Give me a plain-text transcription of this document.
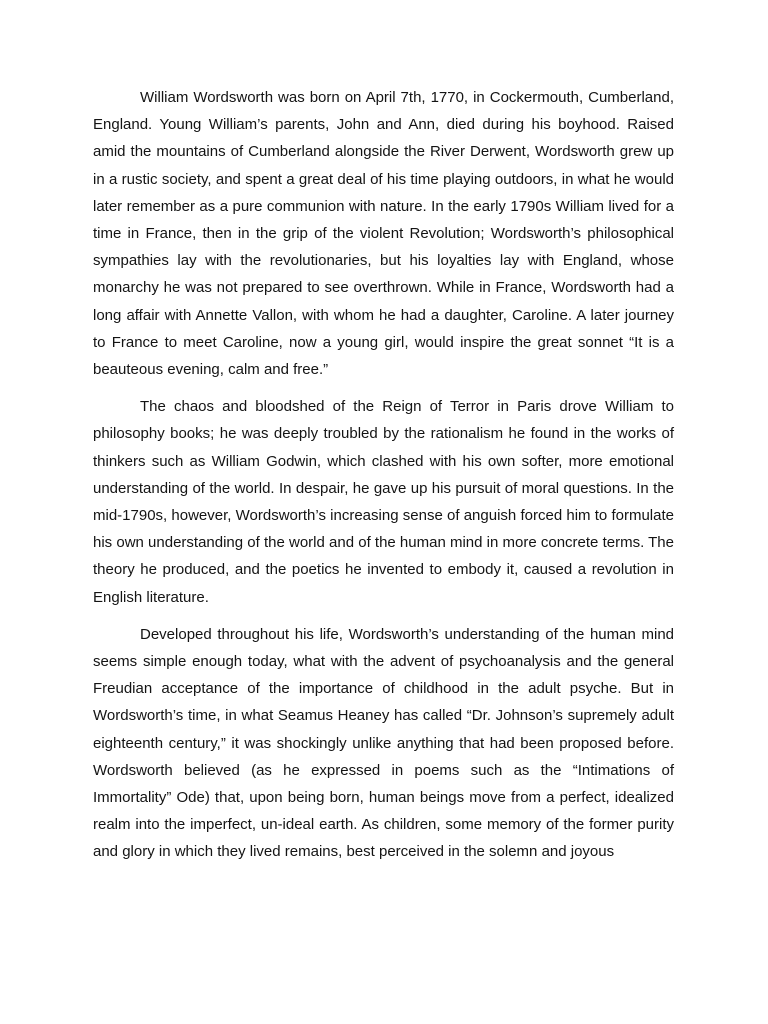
William Wordsworth was born on April 7th, 1770, in Cockermouth, Cumberland, England. Young William’s parents, John and Ann, died during his boyhood. Raised amid the mountains of Cumberland alongside the River Derwent, Wordsworth grew up in a rustic society, and spent a great deal of his time playing outdoors, in what he would later remember as a pure communion with nature. In the early 1790s William lived for a time in France, then in the grip of the violent Revolution; Wordsworth’s philosophical sympathies lay with the revolutionaries, but his loyalties lay with England, whose monarchy he was not prepared to see overthrown. While in France, Wordsworth had a long affair with Annette Vallon, with whom he had a daughter, Caroline. A later journey to France to meet Caroline, now a young girl, would inspire the great sonnet “It is a beauteous evening, calm and free.”

The chaos and bloodshed of the Reign of Terror in Paris drove William to philosophy books; he was deeply troubled by the rationalism he found in the works of thinkers such as William Godwin, which clashed with his own softer, more emotional understanding of the world. In despair, he gave up his pursuit of moral questions. In the mid-1790s, however, Wordsworth’s increasing sense of anguish forced him to formulate his own understanding of the world and of the human mind in more concrete terms. The theory he produced, and the poetics he invented to embody it, caused a revolution in English literature.

Developed throughout his life, Wordsworth’s understanding of the human mind seems simple enough today, what with the advent of psychoanalysis and the general Freudian acceptance of the importance of childhood in the adult psyche. But in Wordsworth’s time, in what Seamus Heaney has called “Dr. Johnson’s supremely adult eighteenth century,” it was shockingly unlike anything that had been proposed before. Wordsworth believed (as he expressed in poems such as the “Intimations of Immortality” Ode) that, upon being born, human beings move from a perfect, idealized realm into the imperfect, un-ideal earth. As children, some memory of the former purity and glory in which they lived remains, best perceived in the solemn and joyous
